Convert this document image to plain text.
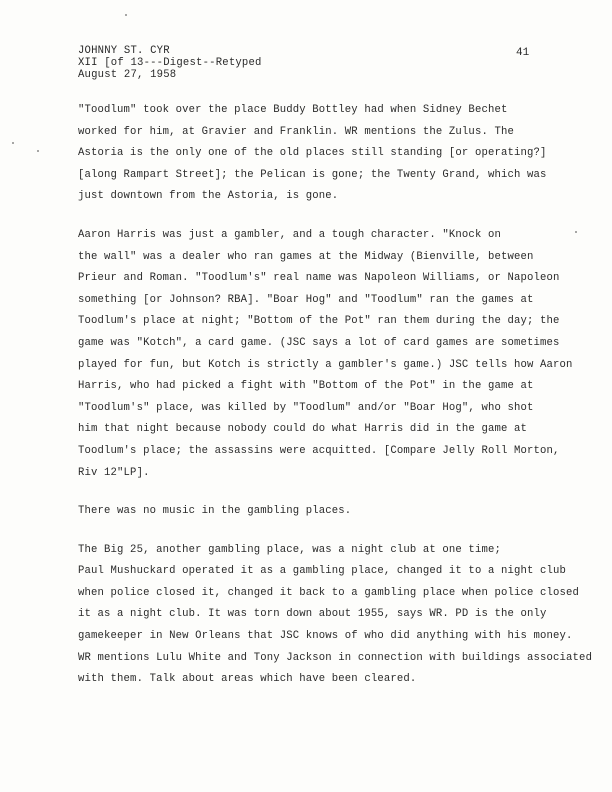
JOHNNY ST. CYR
XII [of 13---Digest--Retyped
August 27, 1958
41
"Toodlum" took over the place Buddy Bottley had when Sidney Bechet
worked for him, at Gravier and Franklin. WR mentions the Zulus. The
Astoria is the only one of the old places still standing [or operating?]
[along Rampart Street]; the Pelican is gone; the Twenty Grand, which was
just downtown from the Astoria, is gone.
Aaron Harris was just a gambler, and a tough character. "Knock on
the wall" was a dealer who ran games at the Midway (Bienville, between
Prieur and Roman. "Toodlum's" real name was Napoleon Williams, or Napoleon
something [or Johnson? RBA]. "Boar Hog" and "Toodlum" ran the games at
Toodlum's place at night; "Bottom of the Pot" ran them during the day; the
game was "Kotch", a card game. (JSC says a lot of card games are sometimes
played for fun, but Kotch is strictly a gambler's game.) JSC tells how Aaron
Harris, who had picked a fight with "Bottom of the Pot" in the game at
"Toodlum's" place, was killed by "Toodlum" and/or "Boar Hog", who shot
him that night because nobody could do what Harris did in the game at
Toodlum's place; the assassins were acquitted. [Compare Jelly Roll Morton,
Riv 12"LP].
There was no music in the gambling places.
The Big 25, another gambling place, was a night club at one time;
Paul Mushuckard operated it as a gambling place, changed it to a night club
when police closed it, changed it back to a gambling place when police closed
it as a night club. It was torn down about 1955, says WR. PD is the only
gamekeeper in New Orleans that JSC knows of who did anything with his money.
WR mentions Lulu White and Tony Jackson in connection with buildings associated
with them. Talk about areas which have been cleared.
